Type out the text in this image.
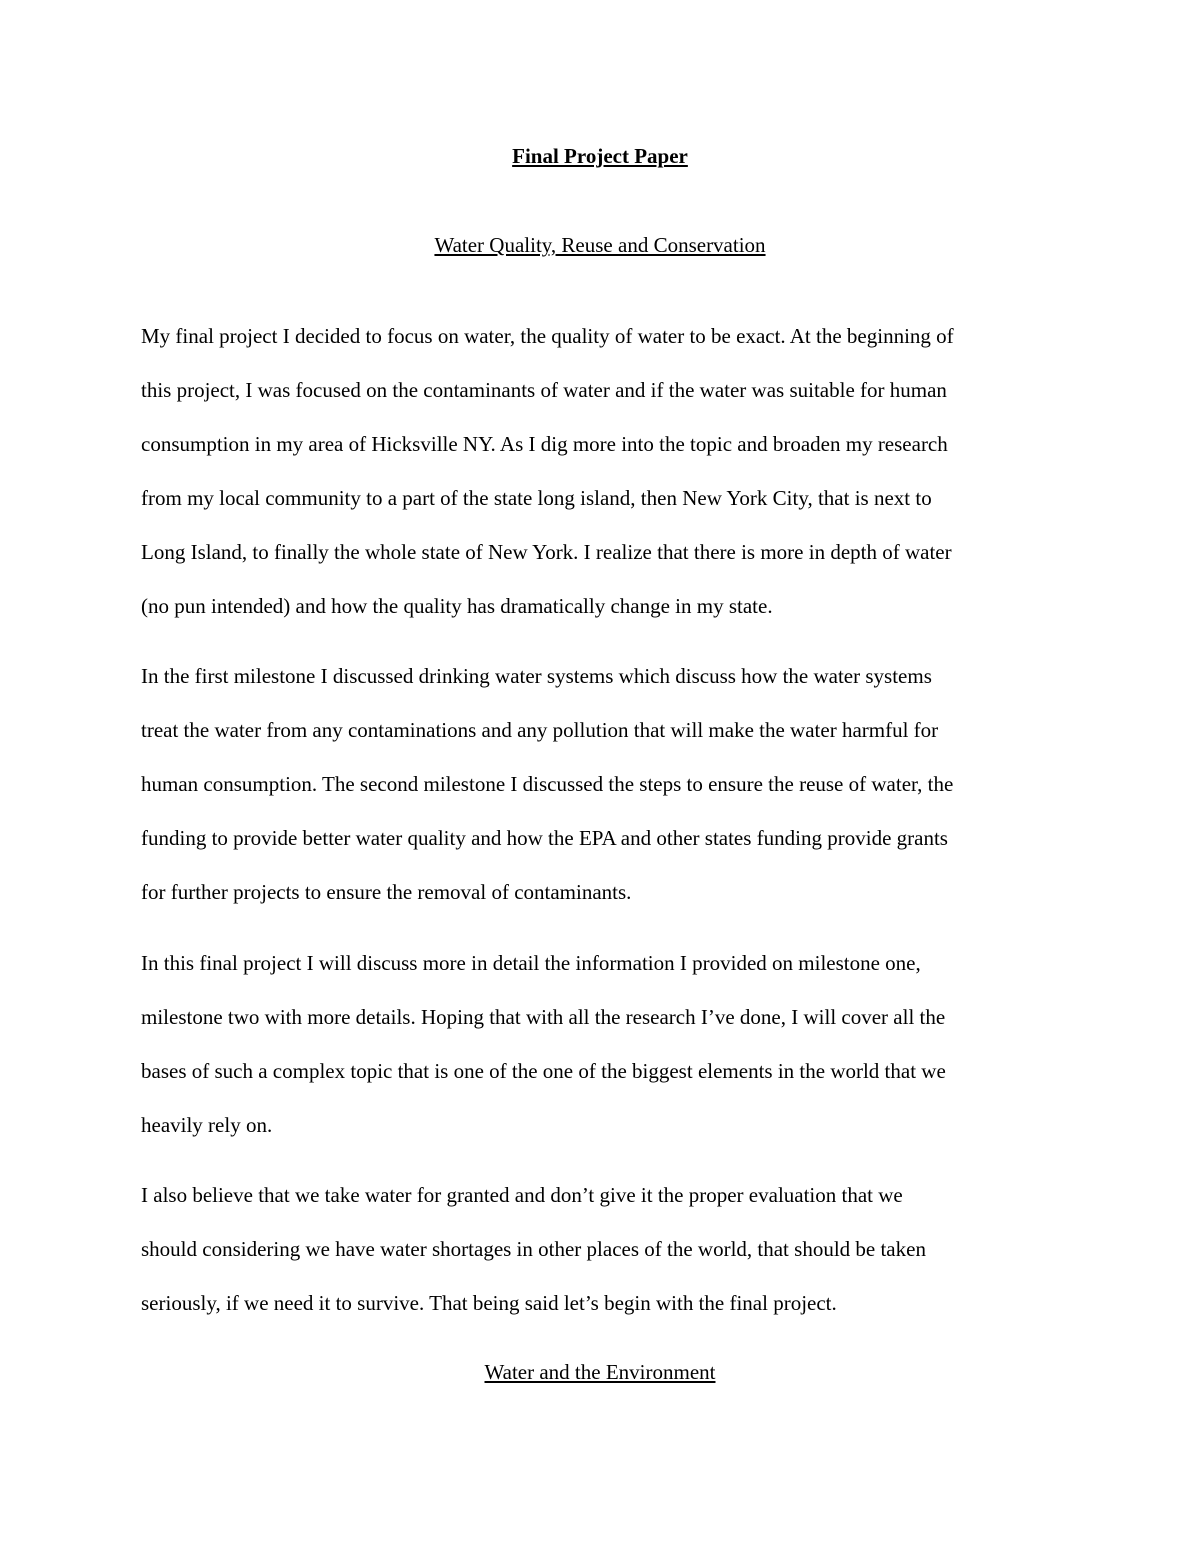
Final Project Paper
Water Quality, Reuse and Conservation
My final project I decided to focus on water, the quality of water to be exact. At the beginning of
this project, I was focused on the contaminants of water and if the water was suitable for human
consumption in my area of Hicksville NY. As I dig more into the topic and broaden my research
from my local community to a part of the state long island, then New York City, that is next to
Long Island, to finally the whole state of New York. I realize that there is more in depth of water
(no pun intended) and how the quality has dramatically change in my state.
In the first milestone I discussed drinking water systems which discuss how the water systems
treat the water from any contaminations and any pollution that will make the water harmful for
human consumption. The second milestone I discussed the steps to ensure the reuse of water, the
funding to provide better water quality and how the EPA and other states funding provide grants
for further projects to ensure the removal of contaminants.
In this final project I will discuss more in detail the information I provided on milestone one,
milestone two with more details. Hoping that with all the research I’ve done, I will cover all the
bases of such a complex topic that is one of the one of the biggest elements in the world that we
heavily rely on.
I also believe that we take water for granted and don’t give it the proper evaluation that we
should considering we have water shortages in other places of the world, that should be taken
seriously, if we need it to survive. That being said let’s begin with the final project.
Water and the Environment
